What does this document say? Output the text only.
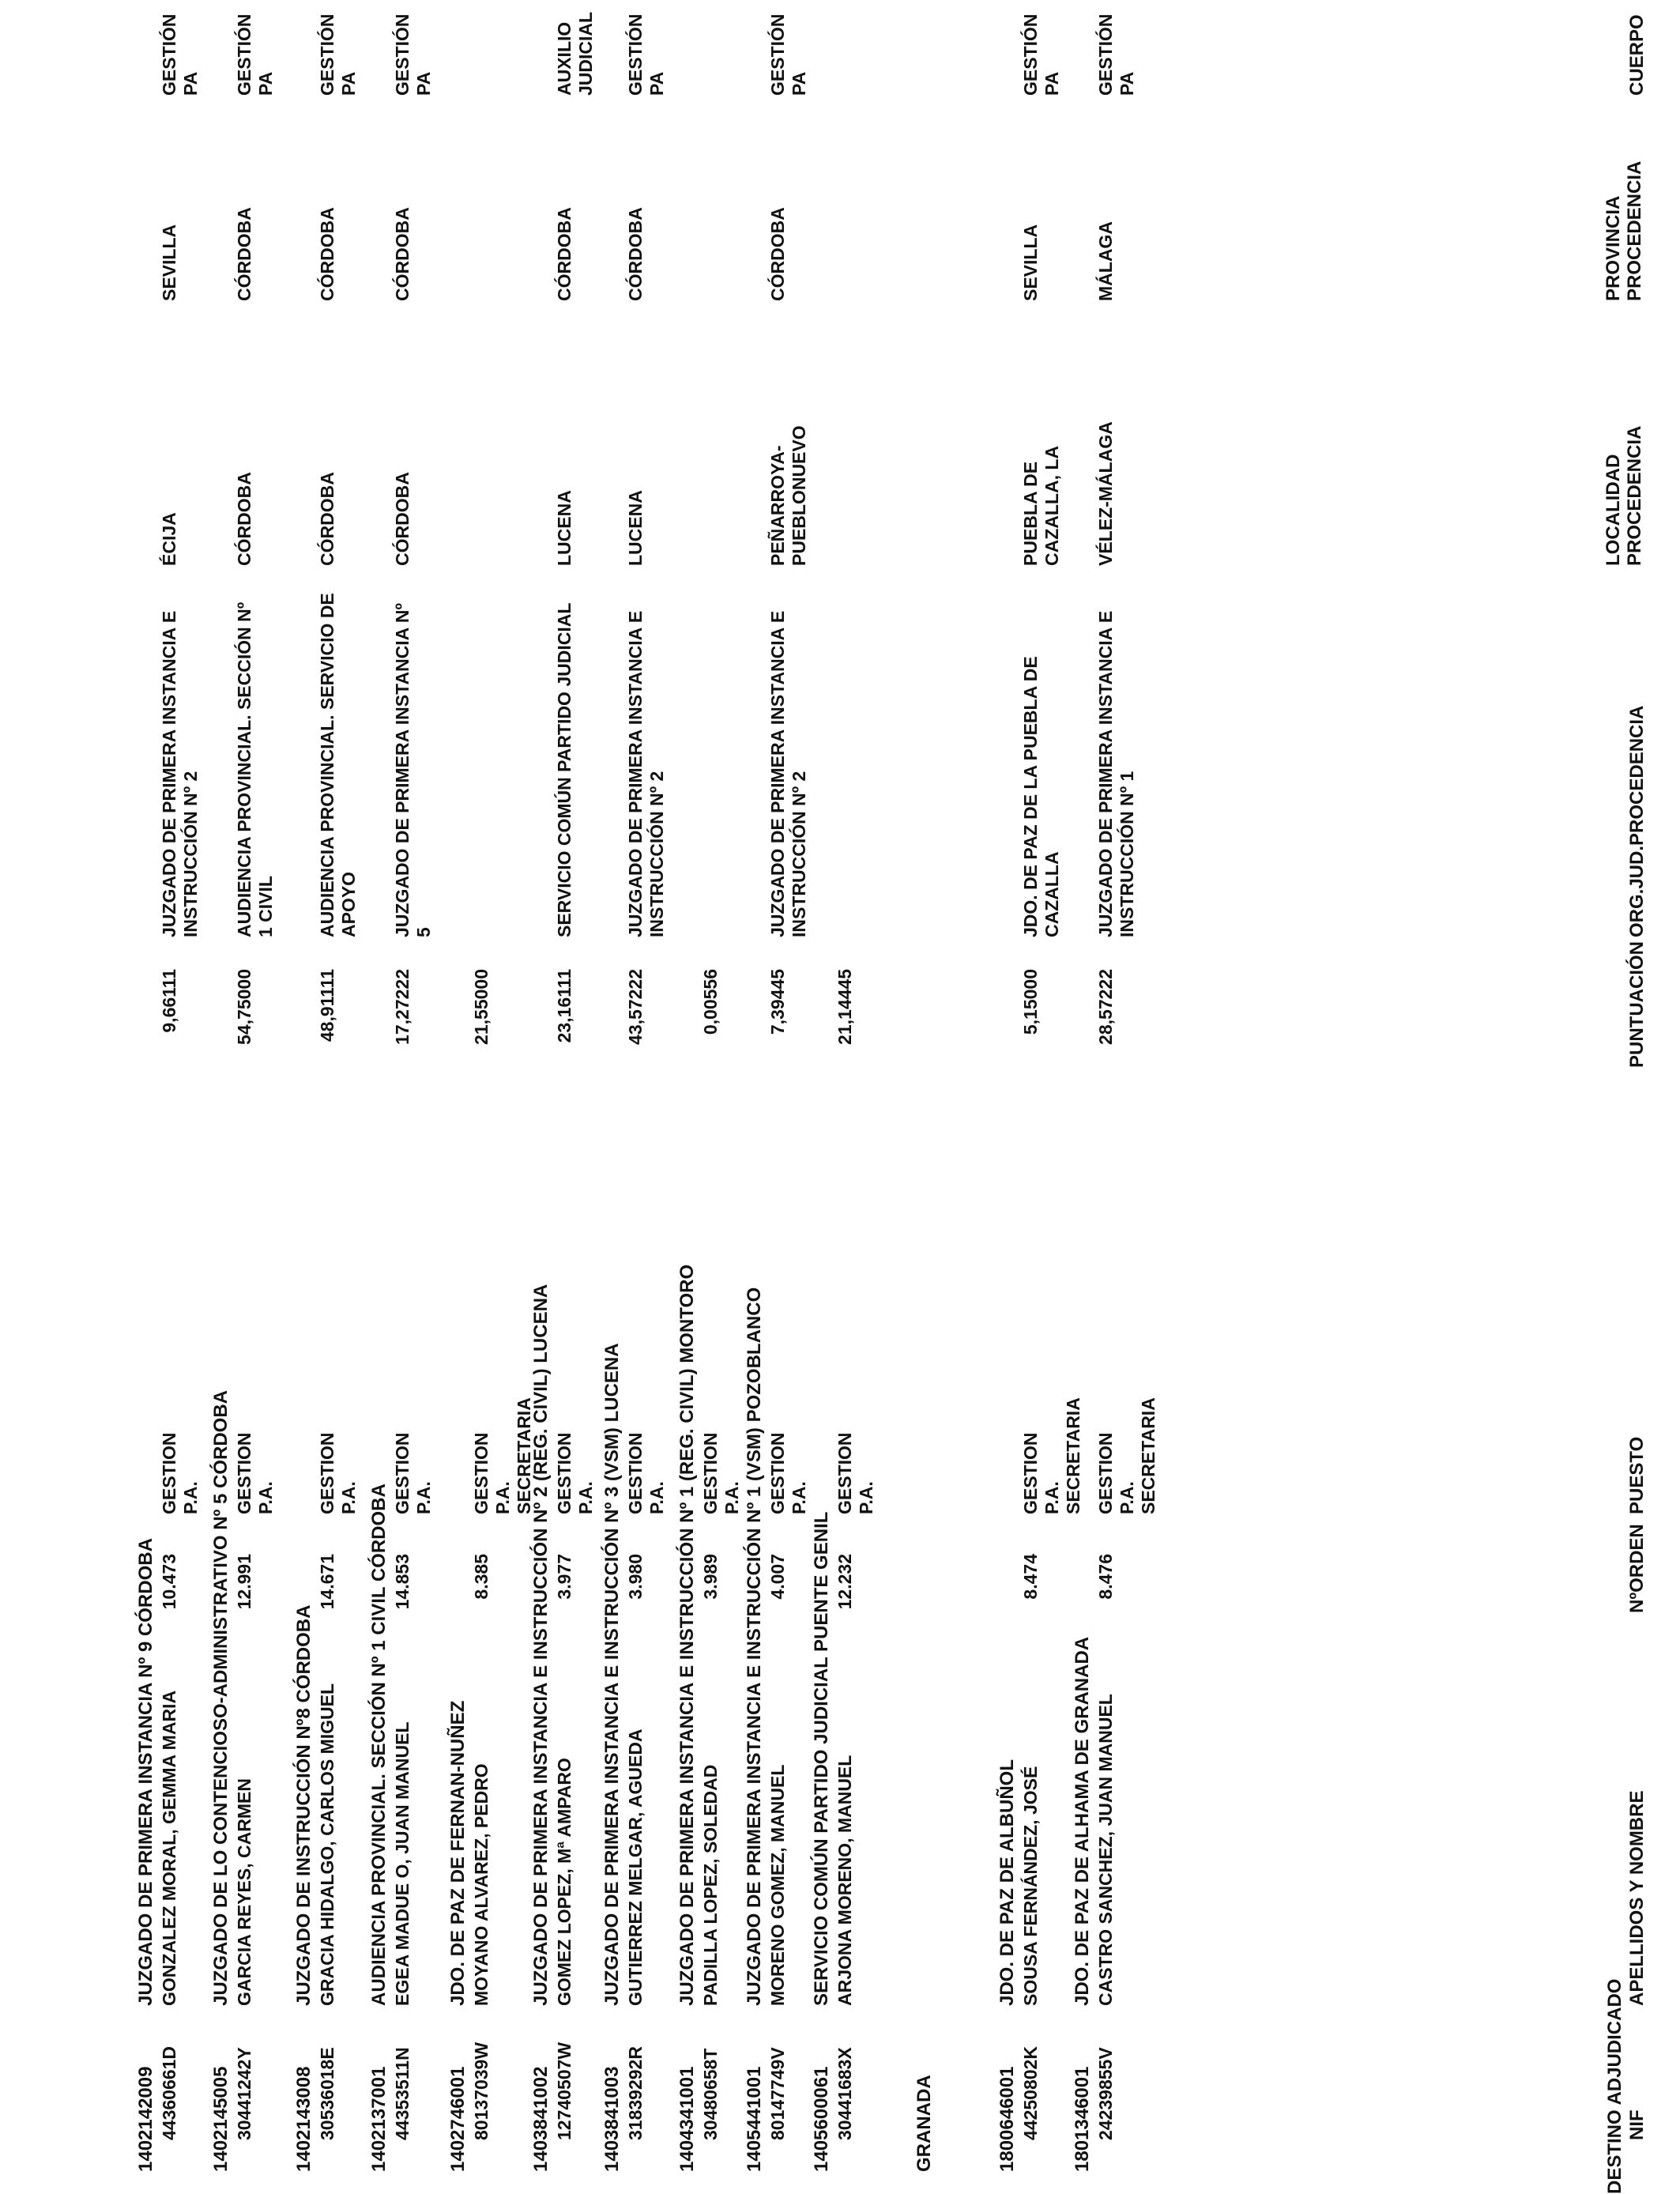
DESTINO ADJUDICADO NIF
APELLIDOS Y NOMBRE
NºORDEN
PUESTO
PUNTUACIÓN
ORG.JUD.PROCEDENCIA
LOCALIDAD PROCEDENCIA
PROVINCIA PROCEDENCIA
CUERPO
1402142009
JUZGADO DE PRIMERA INSTANCIA Nº 9 CÓRDOBA
44360661D
GONZALEZ MORAL, GEMMA MARIA
10.473
GESTION P.A.
9,66111
JUZGADO DE PRIMERA INSTANCIA E INSTRUCCIÓN Nº 2
ÉCIJA
SEVILLA
GESTIÓN PA
1402145005
JUZGADO DE LO CONTENCIOSO-ADMINISTRATIVO Nº 5 CÓRDOBA
30441242Y
GARCIA REYES, CARMEN
12.991
GESTION P.A.
54,75000
AUDIENCIA PROVINCIAL. SECCIÓN Nº 1 CIVIL
CÓRDOBA
CÓRDOBA
GESTIÓN PA
1402143008
JUZGADO DE INSTRUCCIÓN Nº8 CÓRDOBA
30536018E
GRACIA HIDALGO, CARLOS MIGUEL
14.671
GESTION P.A.
48,91111
AUDIENCIA PROVINCIAL. SERVICIO DE APOYO
CÓRDOBA
CÓRDOBA
GESTIÓN PA
1402137001
AUDIENCIA PROVINCIAL. SECCIÓN Nº 1 CIVIL CÓRDOBA
44353511N
EGEA MADUE O, JUAN MANUEL
14.853
GESTION P.A.
17,27222
JUZGADO DE PRIMERA INSTANCIA Nº 5
CÓRDOBA
CÓRDOBA
GESTIÓN PA
1402746001
JDO. DE PAZ DE FERNAN-NUÑEZ
80137039W
MOYANO ALVAREZ, PEDRO
8.385
GESTION P.A. SECRETARIA
21,55000
1403841002
JUZGADO DE PRIMERA INSTANCIA E INSTRUCCIÓN Nº 2 (REG. CIVIL) LUCENA
12740507W
GOMEZ LOPEZ, Mª AMPARO
3.977
GESTION P.A.
23,16111
SERVICIO COMÚN PARTIDO JUDICIAL
LUCENA
CÓRDOBA
AUXILIO JUDICIAL
1403841003
JUZGADO DE PRIMERA INSTANCIA E INSTRUCCIÓN Nº 3 (VSM) LUCENA
31839292R
GUTIERREZ MELGAR, AGUEDA
3.980
GESTION P.A.
43,57222
JUZGADO DE PRIMERA INSTANCIA E INSTRUCCIÓN Nº 2
LUCENA
CÓRDOBA
GESTIÓN PA
1404341001
JUZGADO DE PRIMERA INSTANCIA E INSTRUCCIÓN Nº 1 (REG. CIVIL) MONTORO
30480658T
PADILLA LOPEZ, SOLEDAD
3.989
GESTION P.A.
0,00556
1405441001
JUZGADO DE PRIMERA INSTANCIA E INSTRUCCIÓN Nº 1 (VSM) POZOBLANCO
80147749V
MORENO GOMEZ, MANUEL
4.007
GESTION P.A.
7,39445
JUZGADO DE PRIMERA INSTANCIA E INSTRUCCIÓN Nº 2
PEÑARROYA-PUEBLONUEVO
CÓRDOBA
GESTIÓN PA
1405600061
SERVICIO COMÚN PARTIDO JUDICIAL PUENTE GENIL
30441683X
ARJONA MORENO, MANUEL
12.232
GESTION P.A.
21,14445
1800646001
JDO. DE PAZ DE ALBUÑOL
44250802K
SOUSA FERNÁNDEZ, JOSÉ
8.474
GESTION P.A. SECRETARIA
5,15000
JDO. DE PAZ DE LA PUEBLA DE CAZALLA
PUEBLA DE CAZALLA, LA
SEVILLA
GESTIÓN PA
1801346001
JDO. DE PAZ DE ALHAMA DE GRANADA
24239855V
CASTRO SANCHEZ, JUAN MANUEL
8.476
GESTION P.A. SECRETARIA
28,57222
JUZGADO DE PRIMERA INSTANCIA E INSTRUCCIÓN Nº 1
VÉLEZ-MÁLAGA
MÁLAGA
GESTIÓN PA
GRANADA
